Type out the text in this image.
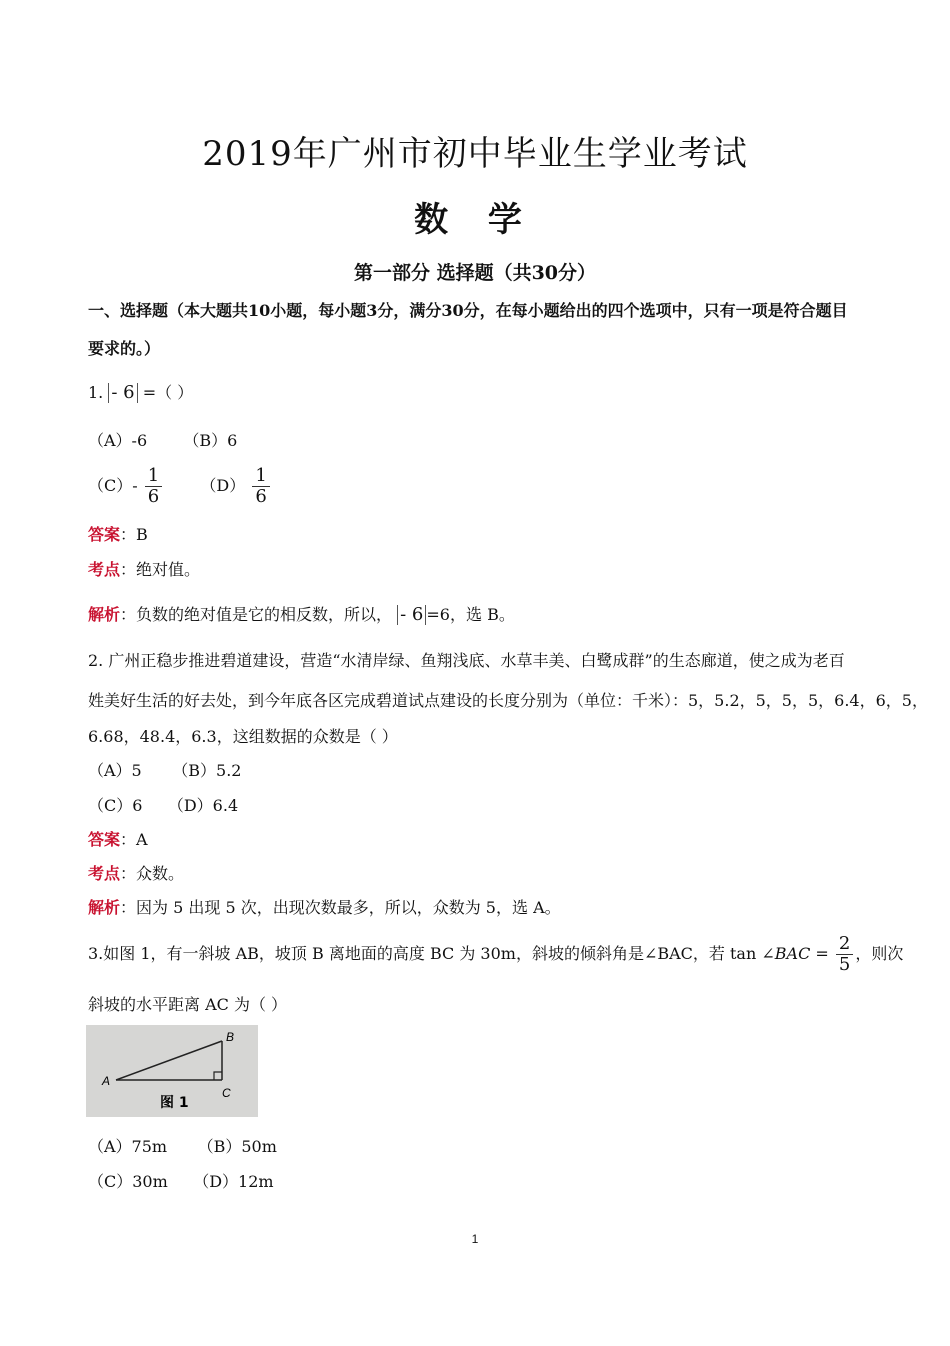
2019年广州市初中毕业生学业考试
数 学
第一部分 选择题（共30分）
一、选择题（本大题共10小题，每小题3分，满分30分，在每小题给出的四个选项中，只有一项是符合题目
要求的。）
1. - 6 =（ ）
（A）-6 （B）6
$(C)- \frac{1}{6} (D) \frac{1}{6}$
答案：B
考点：绝对值。
解析：负数的绝对值是它的相反数，所以， - 6 =6，选 B。
2. 广州正稳步推进碧道建设，营造“水清岸绿、鱼翔浅底、水草丰美、白鹭成群”的生态廊道，使之成为老百
姓美好生活的好去处，到今年底各区完成碧道试点建设的长度分别为（单位：千米）：5，5.2，5，5，5，6.4，6，5，
6.68，48.4，6.3，这组数据的众数是（ ）
（A）5      （B）5.2
（C）6     （D）6.4
答案：A
考点：众数。
解析：因为 5 出现 5 次，出现次数最多，所以，众数为 5，选 A。
3.如图 1，有一斜坡 AB，坡顶 B 离地面的高度 BC 为 30m，斜坡的倾斜角是∠BAC，若 tan ∠BAC = $\frac{2}{5}$ ，则次
斜坡的水平距离 AC 为（ ）
A
B
C
图 1
（A）75m      （B）50m
（C）30m     （D）12m
1
